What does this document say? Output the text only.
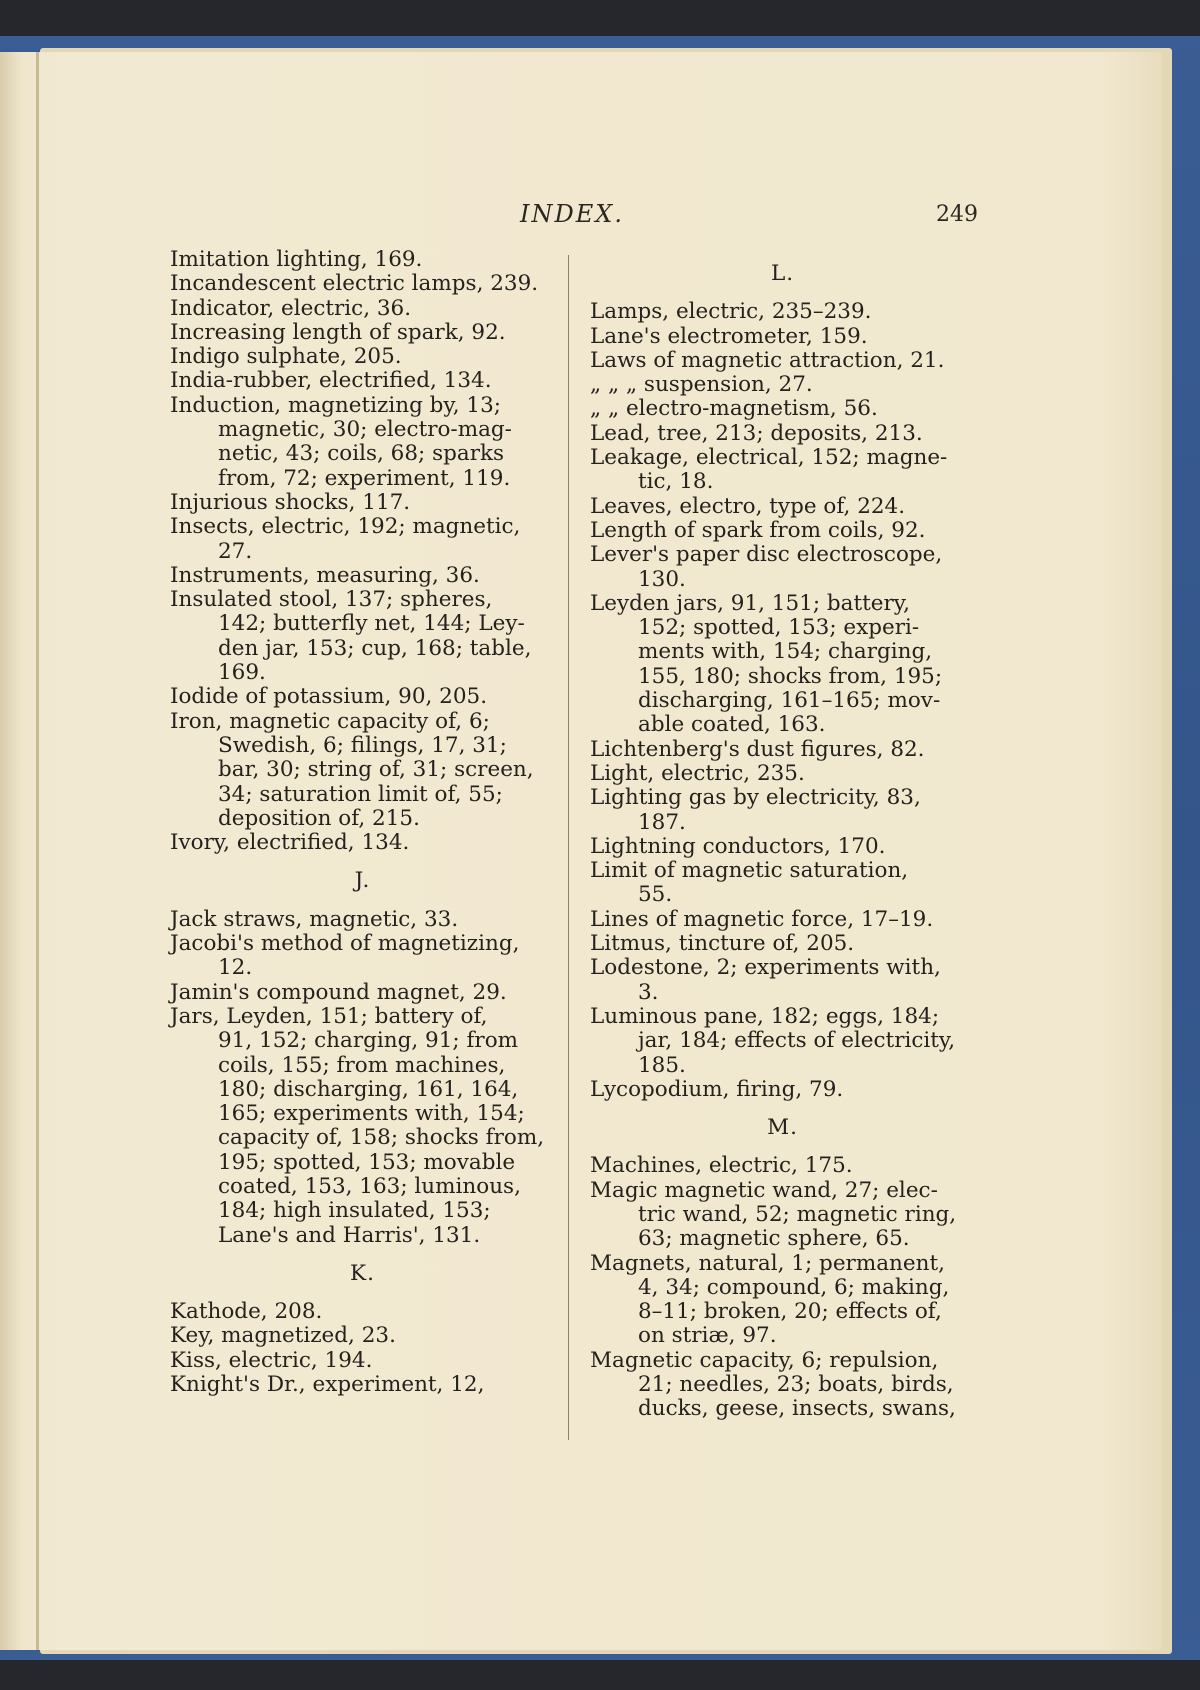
INDEX.	249
Imitation lighting, 169.
Incandescent electric lamps, 239.
Indicator, electric, 36.
Increasing length of spark, 92.
Indigo sulphate, 205.
India-rubber, electrified, 134.
Induction, magnetizing by, 13;
magnetic, 30; electro-mag-
netic, 43; coils, 68; sparks
from, 72; experiment, 119.
Injurious shocks, 117.
Insects, electric, 192; magnetic,
27.
Instruments, measuring, 36.
Insulated stool, 137; spheres,
142; butterfly net, 144; Ley-
den jar, 153; cup, 168; table,
169.
Iodide of potassium, 90, 205.
Iron, magnetic capacity of, 6;
Swedish, 6; filings, 17, 31;
bar, 30; string of, 31; screen,
34; saturation limit of, 55;
deposition of, 215.
Ivory, electrified, 134.
J.
Jack straws, magnetic, 33.
Jacobi's method of magnetizing,
12.
Jamin's compound magnet, 29.
Jars, Leyden, 151; battery of,
91, 152; charging, 91; from
coils, 155; from machines,
180; discharging, 161, 164,
165; experiments with, 154;
capacity of, 158; shocks from,
195; spotted, 153; movable
coated, 153, 163; luminous,
184; high insulated, 153;
Lane's and Harris', 131.
K.
Kathode, 208.
Key, magnetized, 23.
Kiss, electric, 194.
Knight's Dr., experiment, 12,
L.
Lamps, electric, 235–239.
Lane's electrometer, 159.
Laws of magnetic attraction, 21.
„ „ „ suspension, 27.
„ „ electro-magnetism, 56.
Lead, tree, 213; deposits, 213.
Leakage, electrical, 152; magne-
tic, 18.
Leaves, electro, type of, 224.
Length of spark from coils, 92.
Lever's paper disc electroscope,
130.
Leyden jars, 91, 151; battery,
152; spotted, 153; experi-
ments with, 154; charging,
155, 180; shocks from, 195;
discharging, 161–165; mov-
able coated, 163.
Lichtenberg's dust figures, 82.
Light, electric, 235.
Lighting gas by electricity, 83,
187.
Lightning conductors, 170.
Limit of magnetic saturation,
55.
Lines of magnetic force, 17–19.
Litmus, tincture of, 205.
Lodestone, 2; experiments with,
3.
Luminous pane, 182; eggs, 184;
jar, 184; effects of electricity,
185.
Lycopodium, firing, 79.
M.
Machines, electric, 175.
Magic magnetic wand, 27; elec-
tric wand, 52; magnetic ring,
63; magnetic sphere, 65.
Magnets, natural, 1; permanent,
4, 34; compound, 6; making,
8–11; broken, 20; effects of,
on striæ, 97.
Magnetic capacity, 6; repulsion,
21; needles, 23; boats, birds,
ducks, geese, insects, swans,
